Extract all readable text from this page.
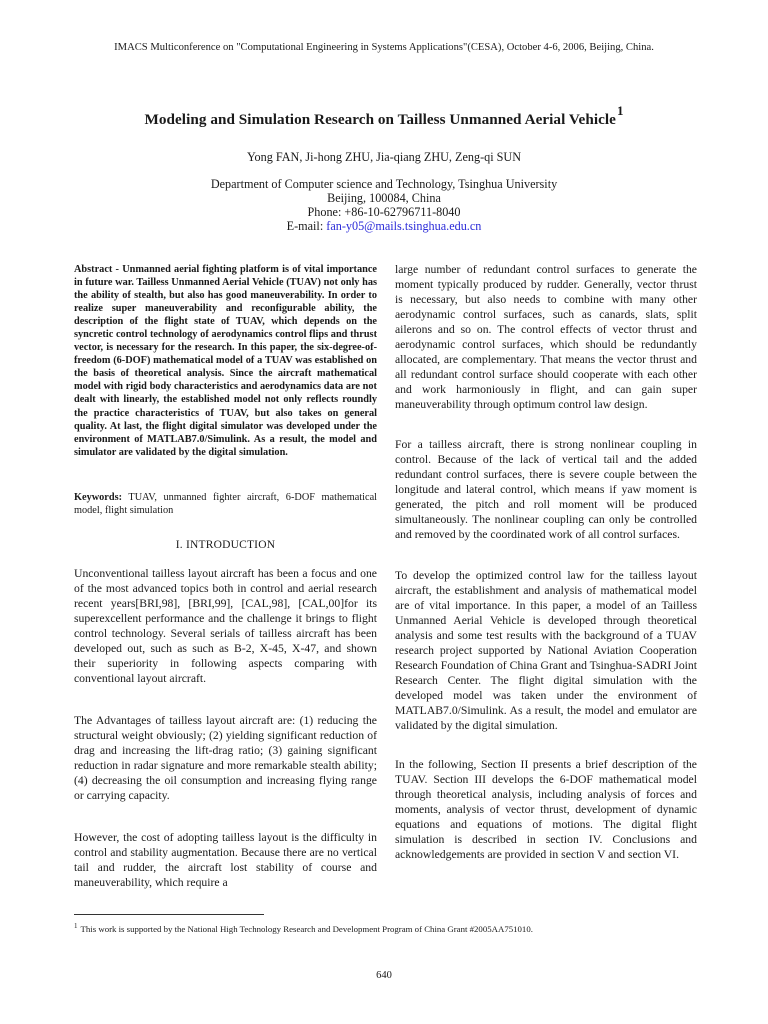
IMACS Multiconference on "Computational Engineering in Systems Applications"(CESA), October 4-6, 2006, Beijing, China.
Modeling and Simulation Research on Tailless Unmanned Aerial Vehicle$^1$
Yong FAN, Ji-hong ZHU, Jia-qiang ZHU, Zeng-qi SUN
Department of Computer science and Technology, Tsinghua University
Beijing, 100084, China
Phone: +86-10-62796711-8040
E-mail: fan-y05@mails.tsinghua.edu.cn
Abstract - Unmanned aerial fighting platform is of vital importance in future war. Tailless Unmanned Aerial Vehicle (TUAV) not only has the ability of stealth, but also has good maneuverability. In order to realize super maneuverability and reconfigurable ability, the description of the flight state of TUAV, which depends on the syncretic control technology of aerodynamics control flips and thrust vector, is necessary for the research. In this paper, the six-degree-of-freedom (6-DOF) mathematical model of a TUAV was established on the basis of theoretical analysis. Since the aircraft mathematical model with rigid body characteristics and aerodynamics data are not dealt with linearly, the established model not only reflects roundly the practice characteristics of TUAV, but also takes on general quality. At last, the flight digital simulator was developed under the environment of MATLAB7.0/Simulink. As a result, the model and simulator are validated by the digital simulation.
Keywords: TUAV, unmanned fighter aircraft, 6-DOF mathematical model, flight simulation
I. INTRODUCTION
Unconventional tailless layout aircraft has been a focus and one of the most advanced topics both in control and aerial research recent years[BRI,98], [BRI,99], [CAL,98], [CAL,00]for its superexcellent performance and the challenge it brings to flight control technology. Several serials of tailless aircraft has been developed out, such as such as B-2, X-45, X-47, and shown their superiority in following aspects comparing with conventional layout aircraft.
The Advantages of tailless layout aircraft are: (1) reducing the structural weight obviously; (2) yielding significant reduction of drag and increasing the lift-drag ratio; (3) gaining significant reduction in radar signature and more remarkable stealth ability; (4) decreasing the oil consumption and increasing flying range or carrying capacity.
However, the cost of adopting tailless layout is the difficulty in control and stability augmentation. Because there are no vertical tail and rudder, the aircraft lost stability of course and maneuverability, which require a
large number of redundant control surfaces to generate the moment typically produced by rudder. Generally, vector thrust is necessary, but also needs to combine with many other aerodynamic control surfaces, such as canards, slats, split ailerons and so on. The control effects of vector thrust and aerodynamic control surfaces, which should be redundantly allocated, are complementary. That means the vector thrust and all redundant control surface should cooperate with each other and work harmoniously in flight, and can gain super maneuverability through optimum control law design.
For a tailless aircraft, there is strong nonlinear coupling in control. Because of the lack of vertical tail and the added redundant control surfaces, there is severe couple between the longitude and lateral control, which means if yaw moment is generated, the pitch and roll moment will be produced simultaneously. The nonlinear coupling can only be controlled and removed by the coordinated work of all control surfaces.
To develop the optimized control law for the tailless layout aircraft, the establishment and analysis of mathematical model are of vital importance. In this paper, a model of an Tailless Unmanned Aerial Vehicle is developed through theoretical analysis and some test results with the background of a TUAV research project supported by National Aviation Cooperation Research Foundation of China Grant and Tsinghua-SADRI Joint Research Center. The flight digital simulation with the developed model was taken under the environment of MATLAB7.0/Simulink. As a result, the model and emulator are validated by the digital simulation.
In the following, Section II presents a brief description of the TUAV. Section III develops the 6-DOF mathematical model through theoretical analysis, including analysis of forces and moments, analysis of vector thrust, development of dynamic equations and equations of motions. The digital flight simulation is described in section IV. Conclusions and acknowledgements are provided in section V and section VI.
$^1$ This work is supported by the National High Technology Research and Development Program of China Grant #2005AA751010.
640
